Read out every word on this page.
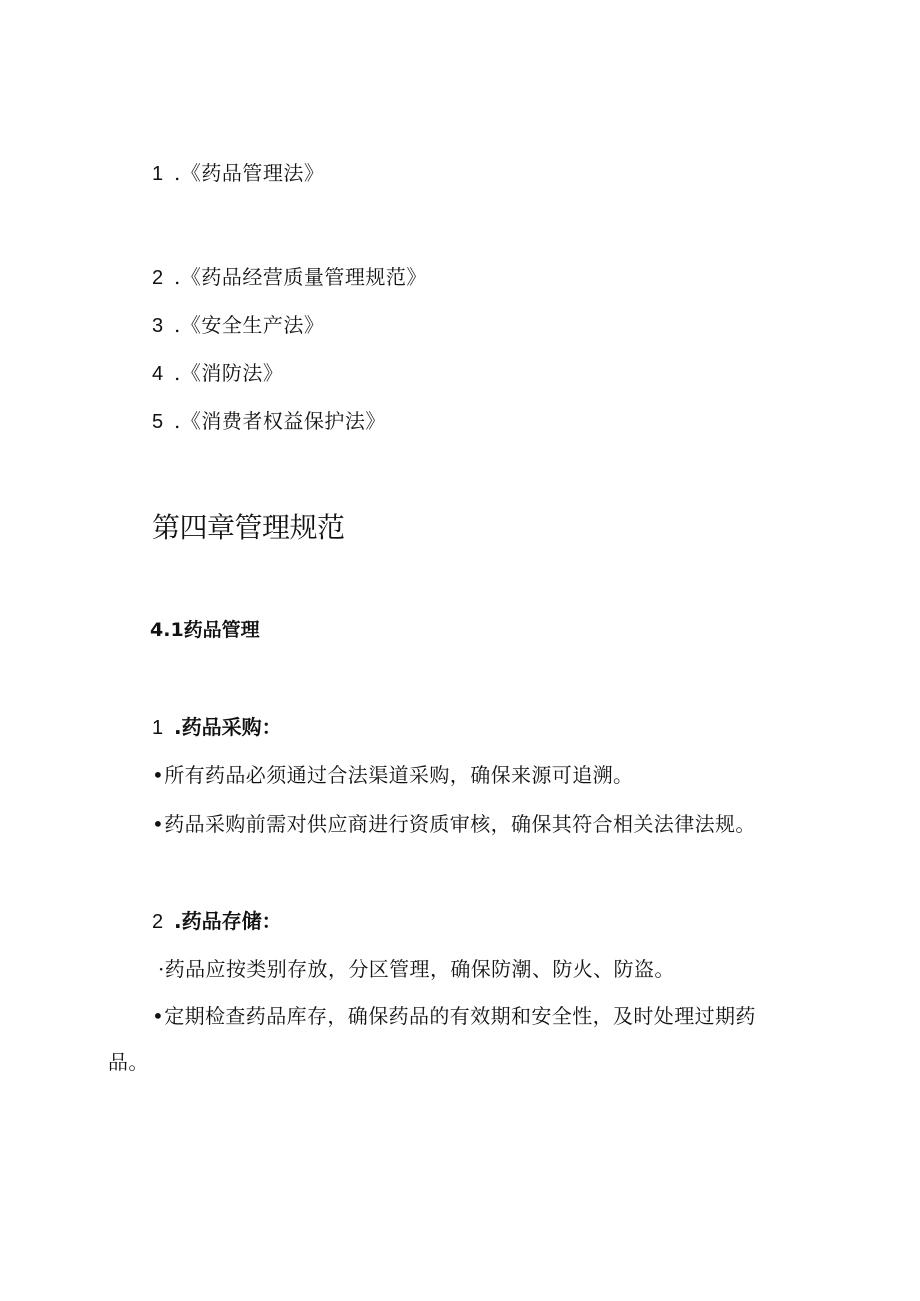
1 .《药品管理法》
2 .《药品经营质量管理规范》
3 .《安全生产法》
4 .《消防法》
5 .《消费者权益保护法》
第四章管理规范
4.1药品管理
1 .药品采购：
•所有药品必须通过合法渠道采购，确保来源可追溯。
•药品采购前需对供应商进行资质审核，确保其符合相关法律法规。
2 .药品存储：
·药品应按类别存放，分区管理，确保防潮、防火、防盗。
•定期检查药品库存，确保药品的有效期和安全性，及时处理过期药
品。
